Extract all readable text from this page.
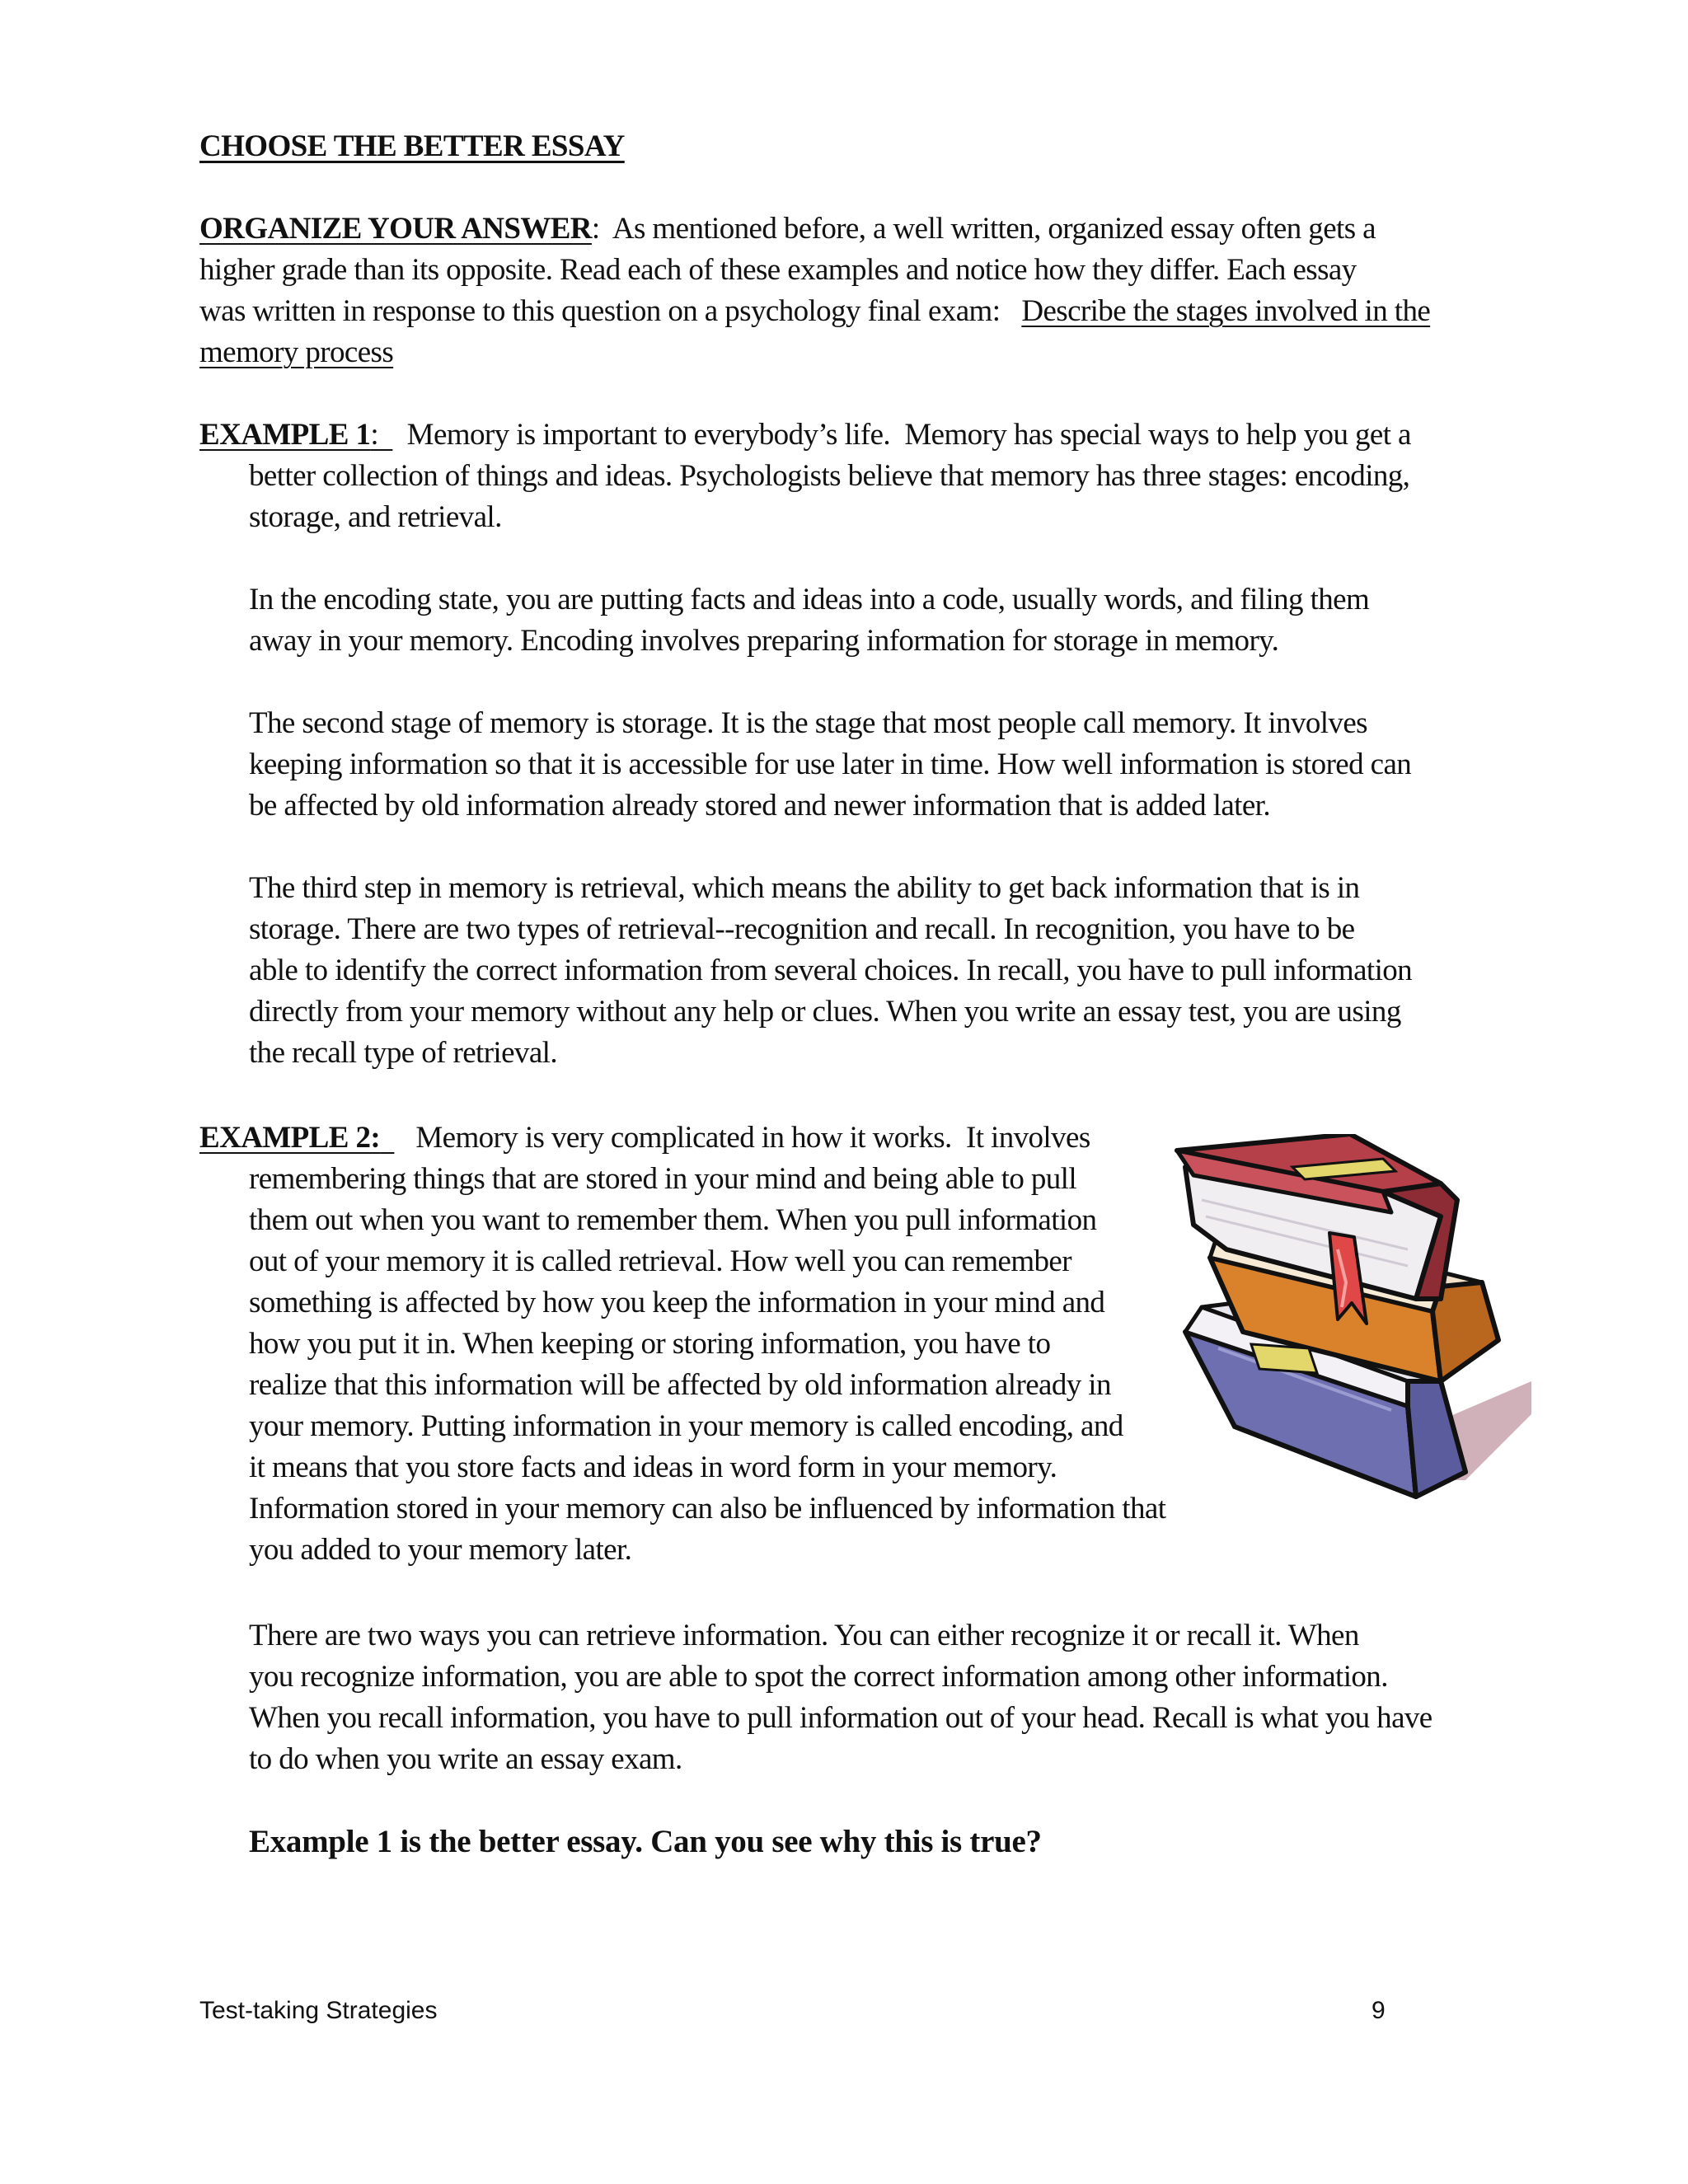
CHOOSE THE BETTER ESSAY
ORGANIZE YOUR ANSWER:  As mentioned before, a well written, organized essay often gets a
higher grade than its opposite. Read each of these examples and notice how they differ. Each essay
was written in response to this question on a psychology final exam:   Describe the stages involved in the
memory process
EXAMPLE 1:    Memory is important to everybody’s life.  Memory has special ways to help you get a
better collection of things and ideas. Psychologists believe that memory has three stages: encoding,
storage, and retrieval.
In the encoding state, you are putting facts and ideas into a code, usually words, and filing them
away in your memory. Encoding involves preparing information for storage in memory.
The second stage of memory is storage. It is the stage that most people call memory. It involves
keeping information so that it is accessible for use later in time. How well information is stored can
be affected by old information already stored and newer information that is added later.
The third step in memory is retrieval, which means the ability to get back information that is in
storage. There are two types of retrieval--recognition and recall. In recognition, you have to be
able to identify the correct information from several choices. In recall, you have to pull information
directly from your memory without any help or clues. When you write an essay test, you are using
the recall type of retrieval.
EXAMPLE 2:     Memory is very complicated in how it works.  It involves
remembering things that are stored in your mind and being able to pull
them out when you want to remember them. When you pull information
out of your memory it is called retrieval. How well you can remember
something is affected by how you keep the information in your mind and
how you put it in. When keeping or storing information, you have to
realize that this information will be affected by old information already in
your memory. Putting information in your memory is called encoding, and
it means that you store facts and ideas in word form in your memory.
Information stored in your memory can also be influenced by information that
you added to your memory later.
There are two ways you can retrieve information. You can either recognize it or recall it. When
you recognize information, you are able to spot the correct information among other information.
When you recall information, you have to pull information out of your head. Recall is what you have
to do when you write an essay exam.
Example 1 is the better essay. Can you see why this is true?
Test-taking Strategies	9
